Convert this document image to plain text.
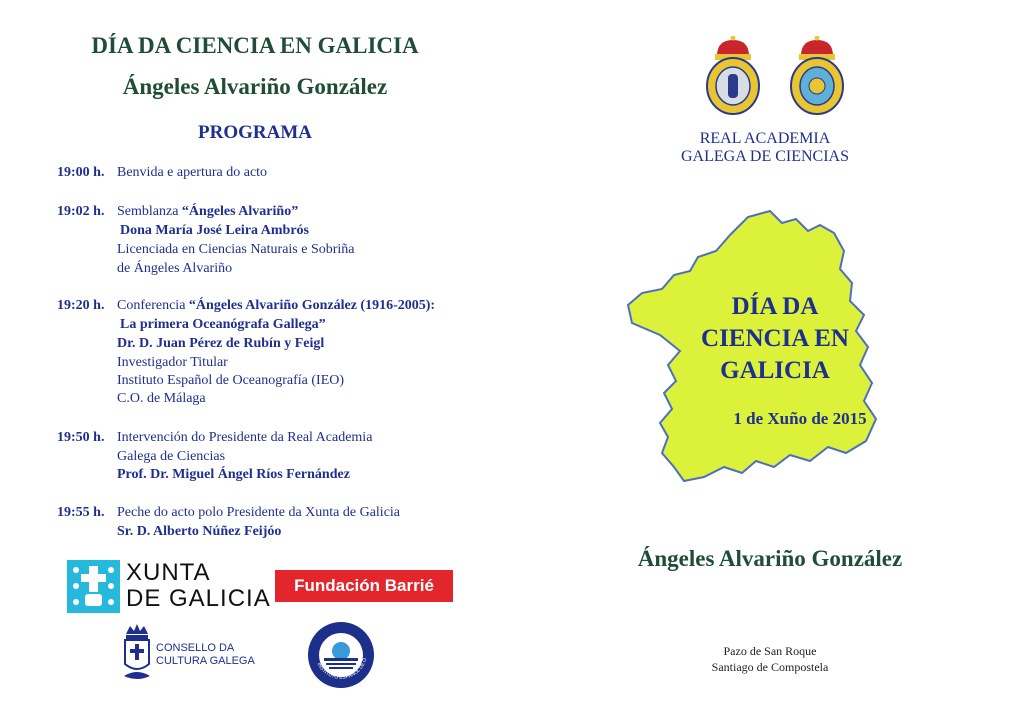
DÍA DA CIENCIA EN GALICIA
Ángeles Alvariño González
PROGRAMA
19:00 h. Benvida e apertura do acto
19:02 h. Semblanza “Ángeles Alvariño”
Dona María José Leira Ambrós
Licenciada en Ciencias Naturais e Sobriña
de Ángeles Alvariño
19:20 h. Conferencia “Ángeles Alvariño González (1916-2005):
La primera Oceanógrafa Gallega”
Dr. D. Juan Pérez de Rubín y Feigl
Investigador Titular
Instituto Español de Oceanografía (IEO)
C.O. de Málaga
19:50 h. Intervención do Presidente da Real Academia
Galega de Ciencias
Prof. Dr. Miguel Ángel Ríos Fernández
19:55 h. Peche do acto polo Presidente da Xunta de Galicia
Sr. D. Alberto Núñez Feijóo
XUNTA
DE GALICIA	Fundación Barrié
CONSELLO DA
CULTURA GALEGA	INSTITUTO ESPAÑOL DE O
REAL ACADEMIA
GALEGA DE CIENCIAS
DÍA DA
CIENCIA EN
GALICIA
1 de Xuño de 2015
Ángeles Alvariño González
Pazo de San Roque
Santiago de Compostela
